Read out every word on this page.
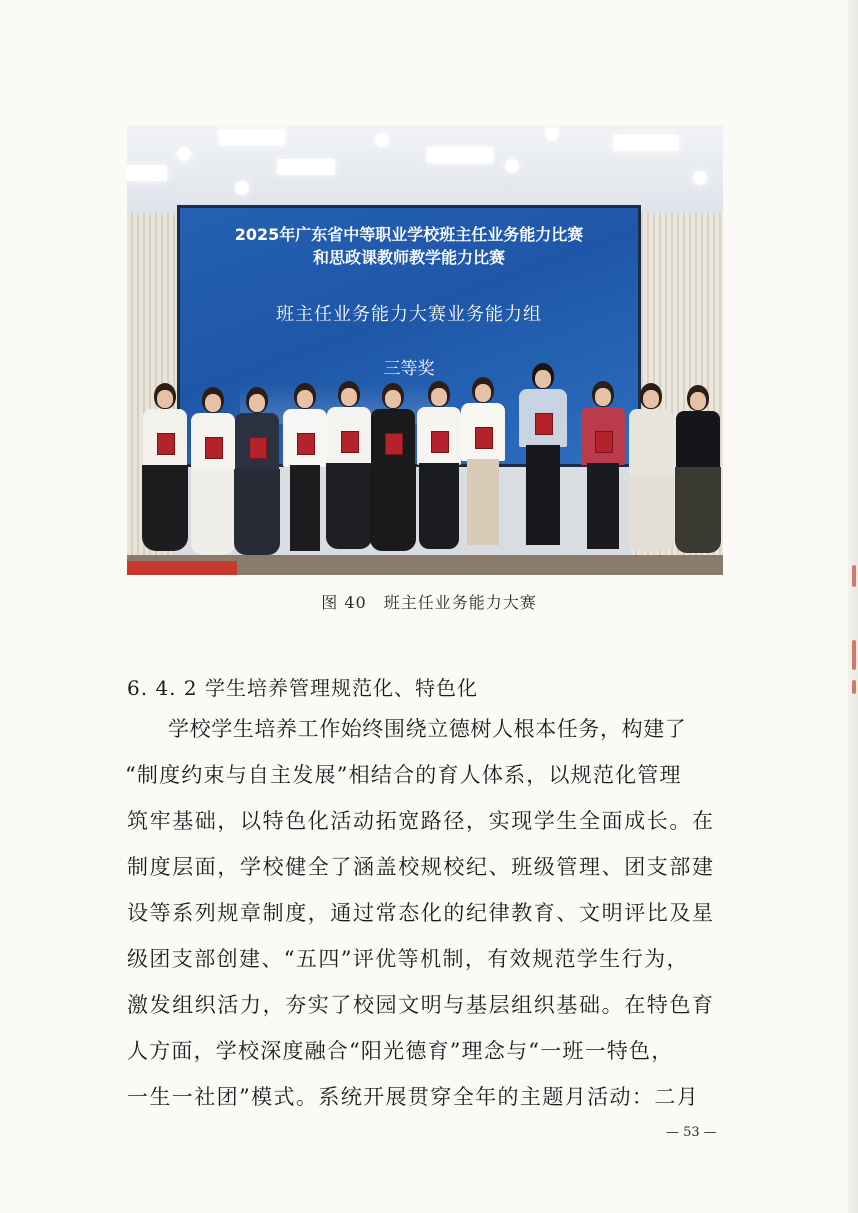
2025年广东省中等职业学校班主任业务能力比赛
和思政课教师教学能力比赛
班主任业务能力大赛业务能力组
三等奖
图 40　班主任业务能力大赛
6. 4. 2 学生培养管理规范化、特色化
学校学生培养工作始终围绕立德树人根本任务，构建了
“制度约束与自主发展”相结合的育人体系，以规范化管理
筑牢基础，以特色化活动拓宽路径，实现学生全面成长。在
制度层面，学校健全了涵盖校规校纪、班级管理、团支部建
设等系列规章制度，通过常态化的纪律教育、文明评比及星
级团支部创建、“五四”评优等机制，有效规范学生行为，
激发组织活力，夯实了校园文明与基层组织基础。在特色育
人方面，学校深度融合“阳光德育”理念与“一班一特色，
一生一社团”模式。系统开展贯穿全年的主题月活动：二月
— 53 —
